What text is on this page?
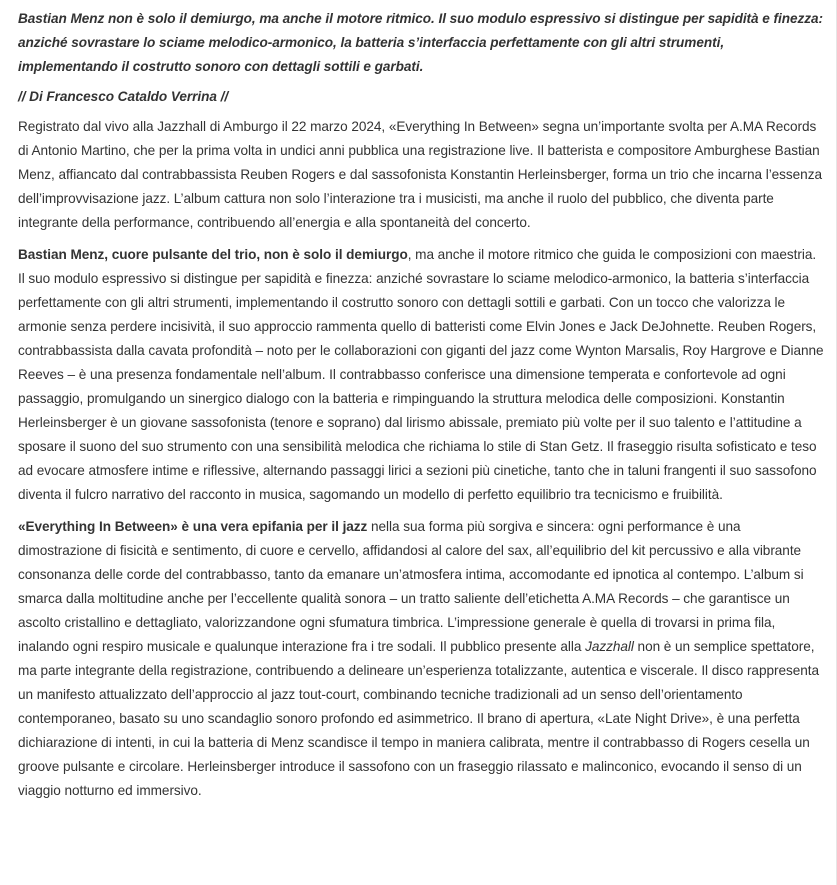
Bastian Menz non è solo il demiurgo, ma anche il motore ritmico. Il suo modulo espressivo si distingue per sapidità e finezza: anziché sovrastare lo sciame melodico-armonico, la batteria s’interfaccia perfettamente con gli altri strumenti, implementando il costrutto sonoro con dettagli sottili e garbati.

// Di Francesco Cataldo Verrina //

Registrato dal vivo alla Jazzhall di Amburgo il 22 marzo 2024, «Everything In Between» segna un’importante svolta per A.MA Records di Antonio Martino, che per la prima volta in undici anni pubblica una registrazione live. Il batterista e compositore Amburghese Bastian Menz, affiancato dal contrabbassista Reuben Rogers e dal sassofonista Konstantin Herleinsberger, forma un trio che incarna l’essenza dell’improvvisazione jazz. L’album cattura non solo l’interazione tra i musicisti, ma anche il ruolo del pubblico, che diventa parte integrante della performance, contribuendo all’energia e alla spontaneità del concerto.

Bastian Menz, cuore pulsante del trio, non è solo il demiurgo, ma anche il motore ritmico che guida le composizioni con maestria. Il suo modulo espressivo si distingue per sapidità e finezza: anziché sovrastare lo sciame melodico-armonico, la batteria s’interfaccia perfettamente con gli altri strumenti, implementando il costrutto sonoro con dettagli sottili e garbati. Con un tocco che valorizza le armonie senza perdere incisività, il suo approccio rammenta quello di batteristi come Elvin Jones e Jack DeJohnette. Reuben Rogers, contrabbassista dalla cavata profondità – noto per le collaborazioni con giganti del jazz come Wynton Marsalis, Roy Hargrove e Dianne Reeves – è una presenza fondamentale nell’album. Il contrabbasso conferisce una dimensione temperata e confortevole ad ogni passaggio, promulgando un sinergico dialogo con la batteria e rimpinguando la struttura melodica delle composizioni. Konstantin Herleinsberger è un giovane sassofonista (tenore e soprano) dal lirismo abissale, premiato più volte per il suo talento e l’attitudine a sposare il suono del suo strumento con una sensibilità melodica che richiama lo stile di Stan Getz. Il fraseggio risulta sofisticato e teso ad evocare atmosfere intime e riflessive, alternando passaggi lirici a sezioni più cinetiche, tanto che in taluni frangenti il suo sassofono diventa il fulcro narrativo del racconto in musica, sagomando un modello di perfetto equilibrio tra tecnicismo e fruibilità.

«Everything In Between» è una vera epifania per il jazz nella sua forma più sorgiva e sincera: ogni performance è una dimostrazione di fisicità e sentimento, di cuore e cervello, affidandosi al calore del sax, all’equilibrio del kit percussivo e alla vibrante consonanza delle corde del contrabbasso, tanto da emanare un’atmosfera intima, accomodante ed ipnotica al contempo. L’album si smarca dalla moltitudine anche per l’eccellente qualità sonora – un tratto saliente dell’etichetta A.MA Records – che garantisce un ascolto cristallino e dettagliato, valorizzandone ogni sfumatura timbrica. L’impressione generale è quella di trovarsi in prima fila, inalando ogni respiro musicale e qualunque interazione fra i tre sodali. Il pubblico presente alla Jazzhall non è un semplice spettatore, ma parte integrante della registrazione, contribuendo a delineare un’esperienza totalizzante, autentica e viscerale. Il disco rappresenta un manifesto attualizzato dell’approccio al jazz tout-court, combinando tecniche tradizionali ad un senso dell’orientamento contemporaneo, basato su uno scandaglio sonoro profondo ed asimmetrico. Il brano di apertura, «Late Night Drive», è una perfetta dichiarazione di intenti, in cui la batteria di Menz scandisce il tempo in maniera calibrata, mentre il contrabbasso di Rogers cesella un groove pulsante e circolare. Herleinsberger introduce il sassofono con un fraseggio rilassato e malinconico, evocando il senso di un viaggio notturno ed immersivo.
